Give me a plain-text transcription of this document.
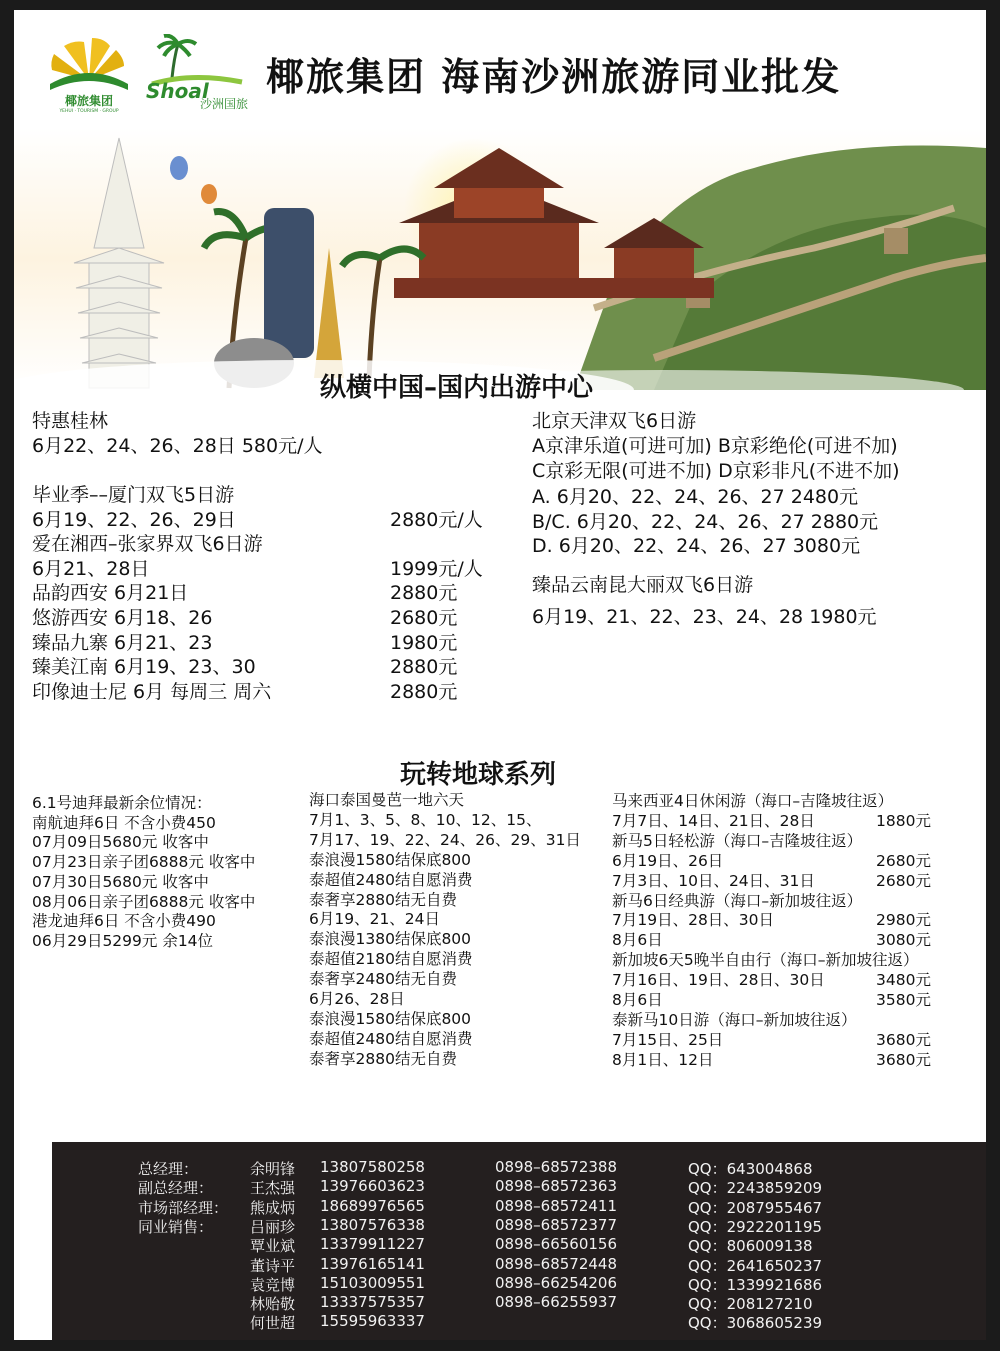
椰旅集团
YEHUI · TOURISM · GROUP
Shoal
沙洲国旅
椰旅集团 海南沙洲旅游同业批发
纵横中国–国内出游中心
玩转地球系列
总经理：	余明锋 13807580258	0898–68572388	QQ：643004868
副总经理： 王杰强 13976603623	0898–68572363	QQ：2243859209
市场部经理： 熊成炳 18689976565	0898–68572411	QQ：2087955467
同业销售： 吕丽珍 13807576338	0898–68572377	QQ：2922201195
覃业斌 13379911227	0898–66560156	QQ：806009138
董诗平 13976165141	0898–68572448	QQ：2641650237
袁竞博 15103009551	0898–66254206	QQ：1339921686
林贻敬 13337575357	0898–66255937	QQ：208127210
何世超 15595963337	QQ：3068605239
特惠桂林
6月22、24、26、28日 580元/人
毕业季––厦门双飞5日游
6月19、22、26、29日	2880元/人
爱在湘西–张家界双飞6日游
6月21、28日	1999元/人
品韵西安 6月21日	2880元
悠游西安 6月18、26	2680元
臻品九寨 6月21、23	1980元
臻美江南 6月19、23、30	2880元
印像迪士尼 6月 每周三 周六	2880元
北京天津双飞6日游
A京津乐道(可进可加) B京彩绝伦(可进不加)
C京彩无限(可进不加) D京彩非凡(不进不加)
A. 6月20、22、24、26、27 2480元
B/C. 6月20、22、24、26、27 2880元
D. 6月20、22、24、26、27 3080元
臻品云南昆大丽双飞6日游
6月19、21、22、23、24、28 1980元
6.1号迪拜最新余位情况：
南航迪拜6日 不含小费450
07月09日5680元 收客中
07月23日亲子团6888元 收客中
07月30日5680元 收客中
08月06日亲子团6888元 收客中
港龙迪拜6日 不含小费490
06月29日5299元 余14位
海口泰国曼芭一地六天
7月1、3、5、8、10、12、15、
7月17、19、22、24、26、29、31日
泰浪漫1580结保底800
泰超值2480结自愿消费
泰奢享2880结无自费
6月19、21、24日
泰浪漫1380结保底800
泰超值2180结自愿消费
泰奢享2480结无自费
6月26、28日
泰浪漫1580结保底800
泰超值2480结自愿消费
泰奢享2880结无自费
马来西亚4日休闲游（海口–吉隆坡往返）
7月7日、14日、21日、28日	1880元
新马5日轻松游（海口–吉隆坡往返）
6月19日、26日	2680元
7月3日、10日、24日、31日	2680元
新马6日经典游（海口–新加坡往返）
7月19日、28日、30日	2980元
8月6日	3080元
新加坡6天5晚半自由行（海口–新加坡往返）
7月16日、19日、28日、30日	3480元
8月6日	3580元
泰新马10日游（海口–新加坡往返）
7月15日、25日	3680元
8月1日、12日	3680元
